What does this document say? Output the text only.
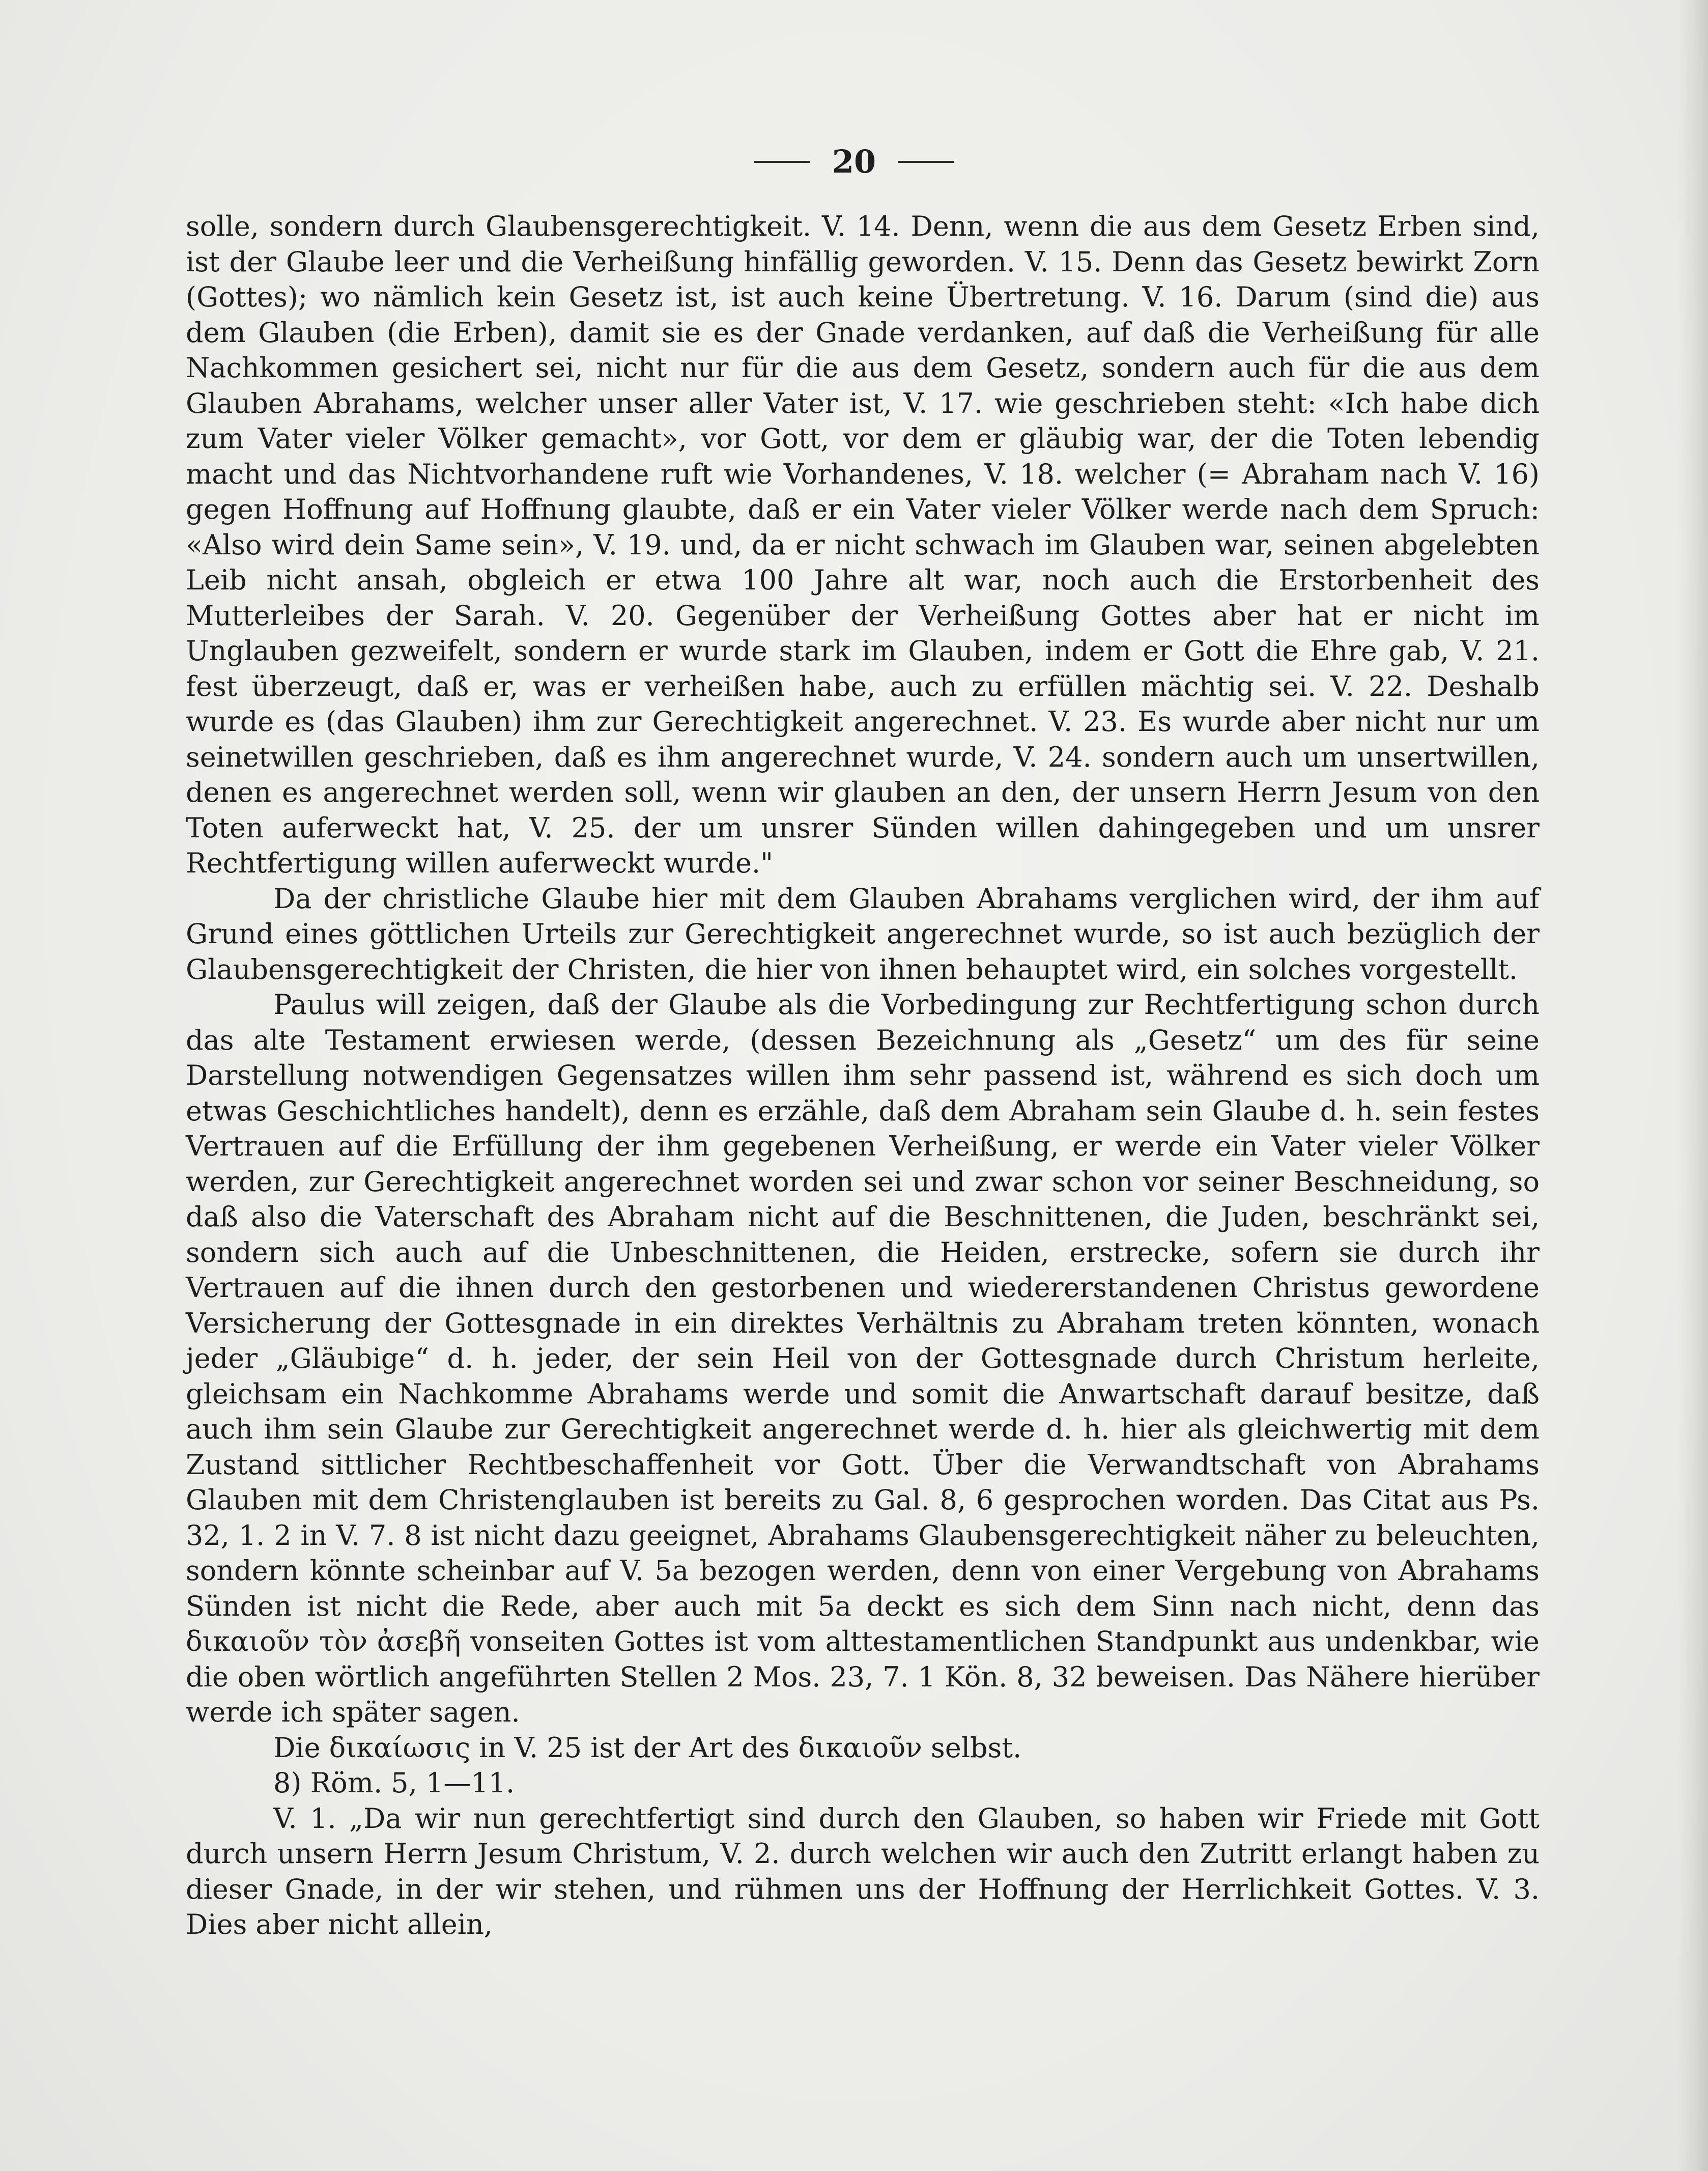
20

solle, sondern durch Glaubensgerechtigkeit. V. 14. Denn, wenn die aus dem Gesetz Erben sind, ist der Glaube leer und die Verheißung hinfällig geworden. V. 15. Denn das Gesetz bewirkt Zorn (Gottes); wo nämlich kein Gesetz ist, ist auch keine Übertretung. V. 16. Darum (sind die) aus dem Glauben (die Erben), damit sie es der Gnade verdanken, auf daß die Verheißung für alle Nachkommen gesichert sei, nicht nur für die aus dem Gesetz, sondern auch für die aus dem Glauben Abrahams, welcher unser aller Vater ist, V. 17. wie geschrieben steht: «Ich habe dich zum Vater vieler Völker gemacht», vor Gott, vor dem er gläubig war, der die Toten lebendig macht und das Nichtvorhandene ruft wie Vorhandenes, V. 18. welcher (= Abraham nach V. 16) gegen Hoffnung auf Hoffnung glaubte, daß er ein Vater vieler Völker werde nach dem Spruch: «Also wird dein Same sein», V. 19. und, da er nicht schwach im Glauben war, seinen abgelebten Leib nicht ansah, obgleich er etwa 100 Jahre alt war, noch auch die Erstorbenheit des Mutterleibes der Sarah. V. 20. Gegenüber der Verheißung Gottes aber hat er nicht im Unglauben gezweifelt, sondern er wurde stark im Glauben, indem er Gott die Ehre gab, V. 21. fest überzeugt, daß er, was er verheißen habe, auch zu erfüllen mächtig sei. V. 22. Deshalb wurde es (das Glauben) ihm zur Gerechtigkeit angerechnet. V. 23. Es wurde aber nicht nur um seinetwillen geschrieben, daß es ihm angerechnet wurde, V. 24. sondern auch um unsertwillen, denen es angerechnet werden soll, wenn wir glauben an den, der unsern Herrn Jesum von den Toten auferweckt hat, V. 25. der um unsrer Sünden willen dahingegeben und um unsrer Rechtfertigung willen auferweckt wurde."

Da der christliche Glaube hier mit dem Glauben Abrahams verglichen wird, der ihm auf Grund eines göttlichen Urteils zur Gerechtigkeit angerechnet wurde, so ist auch bezüglich der Glaubensgerechtigkeit der Christen, die hier von ihnen behauptet wird, ein solches vorgestellt.

Paulus will zeigen, daß der Glaube als die Vorbedingung zur Rechtfertigung schon durch das alte Testament erwiesen werde, (dessen Bezeichnung als „Gesetz“ um des für seine Darstellung notwendigen Gegensatzes willen ihm sehr passend ist, während es sich doch um etwas Geschichtliches handelt), denn es erzähle, daß dem Abraham sein Glaube d. h. sein festes Vertrauen auf die Erfüllung der ihm gegebenen Verheißung, er werde ein Vater vieler Völker werden, zur Gerechtigkeit angerechnet worden sei und zwar schon vor seiner Beschneidung, so daß also die Vaterschaft des Abraham nicht auf die Beschnittenen, die Juden, beschränkt sei, sondern sich auch auf die Unbeschnittenen, die Heiden, erstrecke, sofern sie durch ihr Vertrauen auf die ihnen durch den gestorbenen und wiedererstandenen Christus gewordene Versicherung der Gottesgnade in ein direktes Verhältnis zu Abraham treten könnten, wonach jeder „Gläubige“ d. h. jeder, der sein Heil von der Gottesgnade durch Christum herleite, gleichsam ein Nachkomme Abrahams werde und somit die Anwartschaft darauf besitze, daß auch ihm sein Glaube zur Gerechtigkeit angerechnet werde d. h. hier als gleichwertig mit dem Zustand sittlicher Rechtbeschaffenheit vor Gott. Über die Verwandtschaft von Abrahams Glauben mit dem Christenglauben ist bereits zu Gal. 8, 6 gesprochen worden. Das Citat aus Ps. 32, 1. 2 in V. 7. 8 ist nicht dazu geeignet, Abrahams Glaubensgerechtigkeit näher zu beleuchten, sondern könnte scheinbar auf V. 5a bezogen werden, denn von einer Vergebung von Abrahams Sünden ist nicht die Rede, aber auch mit 5a deckt es sich dem Sinn nach nicht, denn das δικαιοῦν τὸν ἀσεβῆ vonseiten Gottes ist vom alttestamentlichen Standpunkt aus undenkbar, wie die oben wörtlich angeführten Stellen 2 Mos. 23, 7. 1 Kön. 8, 32 beweisen. Das Nähere hierüber werde ich später sagen.

Die δικαίωσις in V. 25 ist der Art des δικαιοῦν selbst.

8) Röm. 5, 1—11.

V. 1. „Da wir nun gerechtfertigt sind durch den Glauben, so haben wir Friede mit Gott durch unsern Herrn Jesum Christum, V. 2. durch welchen wir auch den Zutritt erlangt haben zu dieser Gnade, in der wir stehen, und rühmen uns der Hoffnung der Herrlichkeit Gottes. V. 3. Dies aber nicht allein,
